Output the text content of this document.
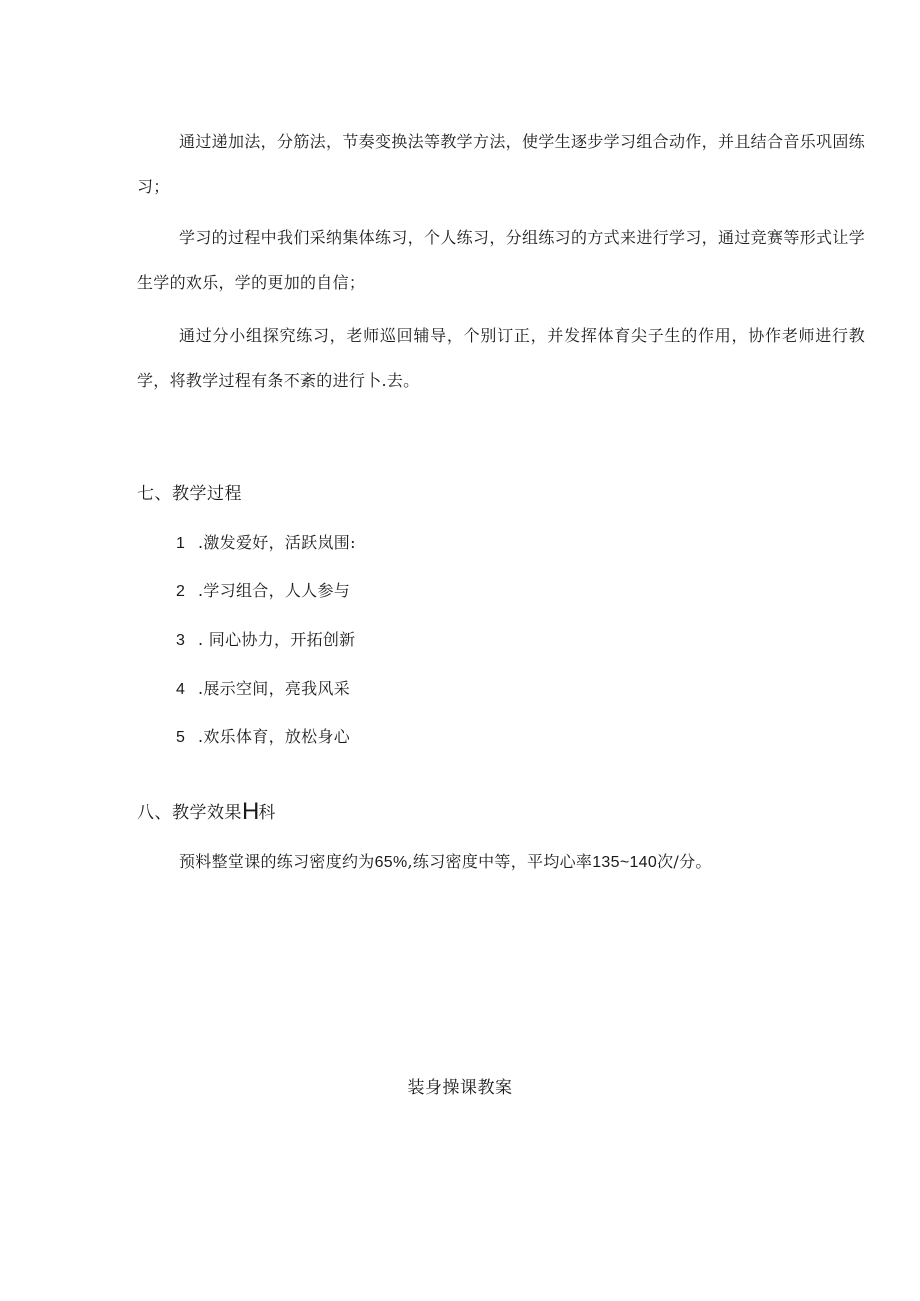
通过递加法，分筋法，节奏变换法等教学方法，使学生逐步学习组合动作，并且结合音乐巩固练习；

学习的过程中我们采纳集体练习，个人练习，分组练习的方式来进行学习，通过竞赛等形式让学生学的欢乐，学的更加的自信；

通过分小组探究练习，老师巡回辅导，个别订正，并发挥体育尖子生的作用，协作老师进行教学，将教学过程有条不紊的进行卜.去。

七、教学过程

1 .激发爱好，活跃岚围:

2 .学习组合，人人参与

3 . 同心协力，开拓创新

4 .展示空间，亮我风采

5 .欢乐体育，放松身心

八、教学效果H科

预料整堂课的练习密度约为65%,练习密度中等，平均心率135~140次/分。

装身操课教案
